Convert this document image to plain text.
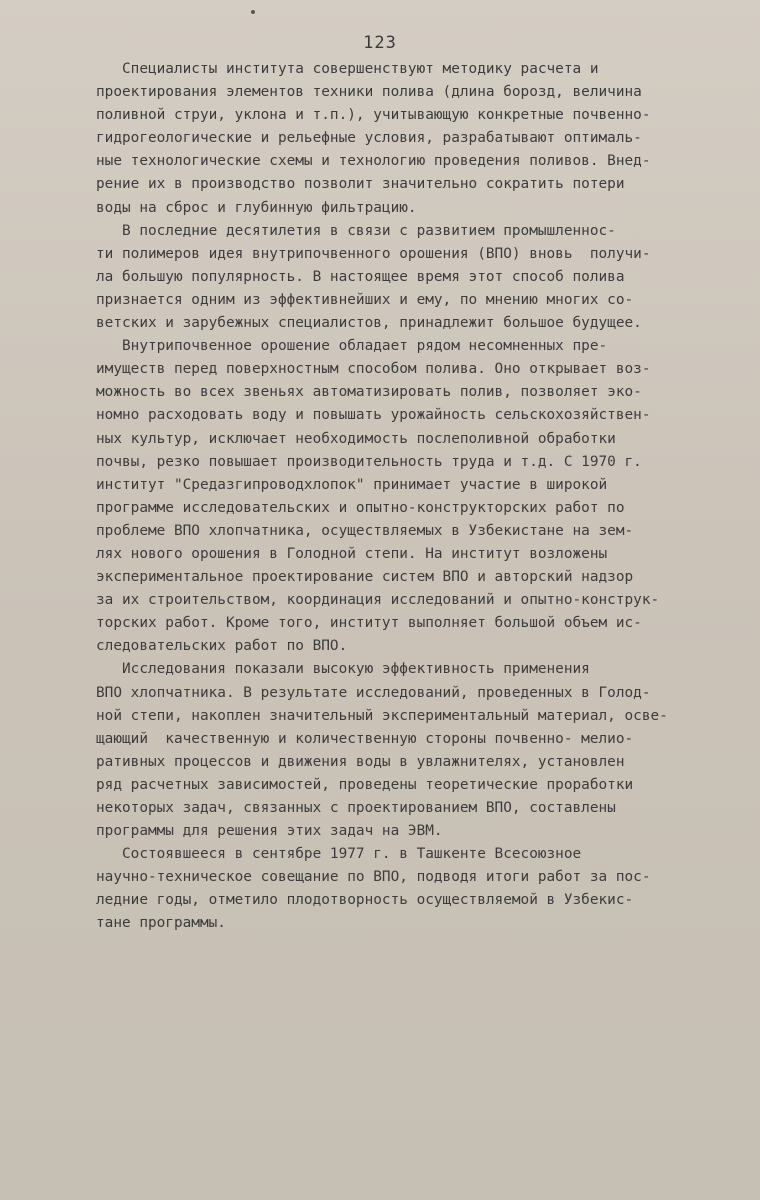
123
Специалисты института совершенствуют методику расчета и
проектирования элементов техники полива (длина борозд, величина
поливной струи, уклона и т.п.), учитывающую конкретные почвенно-
гидрогеологические и рельефные условия, разрабатывают оптималь-
ные технологические схемы и технологию проведения поливов. Внед-
рение их в производство позволит значительно сократить потери
воды на сброс и глубинную фильтрацию.
В последние десятилетия в связи с развитием промышленнос-
ти полимеров идея внутрипочвенного орошения (ВПО) вновь  получи-
ла большую популярность. В настоящее время этот способ полива
признается одним из эффективнейших и ему, по мнению многих со-
ветских и зарубежных специалистов, принадлежит большое будущее.
Внутрипочвенное орошение обладает рядом несомненных пре-
имуществ перед поверхностным способом полива. Оно открывает воз-
можность во всех звеньях автоматизировать полив, позволяет эко-
номно расходовать воду и повышать урожайность сельскохозяйствен-
ных культур, исключает необходимость послеполивной обработки
почвы, резко повышает производительность труда и т.д. С 1970 г.
институт "Средазгипроводхлопок" принимает участие в широкой
программе исследовательских и опытно-конструкторских работ по
проблеме ВПО хлопчатника, осуществляемых в Узбекистане на зем-
лях нового орошения в Голодной степи. На институт возложены
экспериментальное проектирование систем ВПО и авторский надзор
за их строительством, координация исследований и опытно-конструк-
торских работ. Кроме того, институт выполняет большой объем ис-
следовательских работ по ВПО.
Исследования показали высокую эффективность применения
ВПО хлопчатника. В результате исследований, проведенных в Голод-
ной степи, накоплен значительный экспериментальный материал, осве-
щающий  качественную и количественную стороны почвенно- мелио-
ративных процессов и движения воды в увлажнителях, установлен
ряд расчетных зависимостей, проведены теоретические проработки
некоторых задач, связанных с проектированием ВПО, составлены
программы для решения этих задач на ЭВМ.
Состоявшееся в сентябре 1977 г. в Ташкенте Всесоюзное
научно-техническое совещание по ВПО, подводя итоги работ за пос-
ледние годы, отметило плодотворность осуществляемой в Узбекис-
тане программы.
